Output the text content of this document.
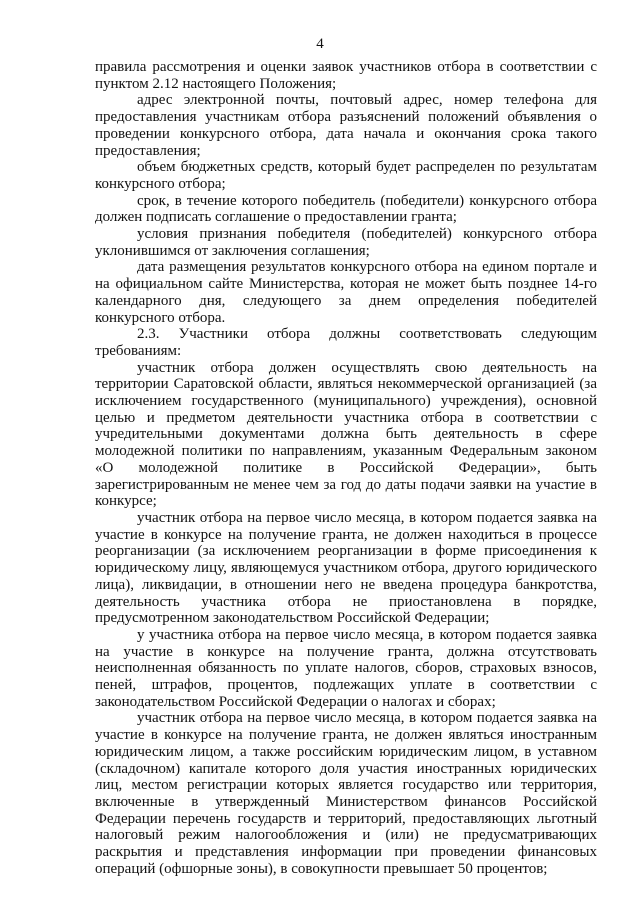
4

правила рассмотрения и оценки заявок участников отбора в соответствии с пунктом 2.12 настоящего Положения;

адрес электронной почты, почтовый адрес, номер телефона для предоставления участникам отбора разъяснений положений объявления о проведении конкурсного отбора, дата начала и окончания срока такого предоставления;

объем бюджетных средств, который будет распределен по результатам конкурсного отбора;

срок, в течение которого победитель (победители) конкурсного отбора должен подписать соглашение о предоставлении гранта;

условия признания победителя (победителей) конкурсного отбора уклонившимся от заключения соглашения;

дата размещения результатов конкурсного отбора на едином портале и на официальном сайте Министерства, которая не может быть позднее 14-го календарного дня, следующего за днем определения победителей конкурсного отбора.

2.3. Участники отбора должны соответствовать следующим требованиям:

участник отбора должен осуществлять свою деятельность на территории Саратовской области, являться некоммерческой организацией (за исключением государственного (муниципального) учреждения), основной целью и предметом деятельности участника отбора в соответствии с учредительными документами должна быть деятельность в сфере молодежной политики по направлениям, указанным Федеральным законом «О молодежной политике в Российской Федерации», быть зарегистрированным не менее чем за год до даты подачи заявки на участие в конкурсе;

участник отбора на первое число месяца, в котором подается заявка на участие в конкурсе на получение гранта, не должен находиться в процессе реорганизации (за исключением реорганизации в форме присоединения к юридическому лицу, являющемуся участником отбора, другого юридического лица), ликвидации, в отношении него не введена процедура банкротства, деятельность участника отбора не приостановлена в порядке, предусмотренном законодательством Российской Федерации;

у участника отбора на первое число месяца, в котором подается заявка на участие в конкурсе на получение гранта, должна отсутствовать неисполненная обязанность по уплате налогов, сборов, страховых взносов, пеней, штрафов, процентов, подлежащих уплате в соответствии с законодательством Российской Федерации о налогах и сборах;

участник отбора на первое число месяца, в котором подается заявка на участие в конкурсе на получение гранта, не должен являться иностранным юридическим лицом, а также российским юридическим лицом, в уставном (складочном) капитале которого доля участия иностранных юридических лиц, местом регистрации которых является государство или территория, включенные в утвержденный Министерством финансов Российской Федерации перечень государств и территорий, предоставляющих льготный налоговый режим налогообложения и (или) не предусматривающих раскрытия и представления информации при проведении финансовых операций (офшорные зоны), в совокупности превышает 50 процентов;
